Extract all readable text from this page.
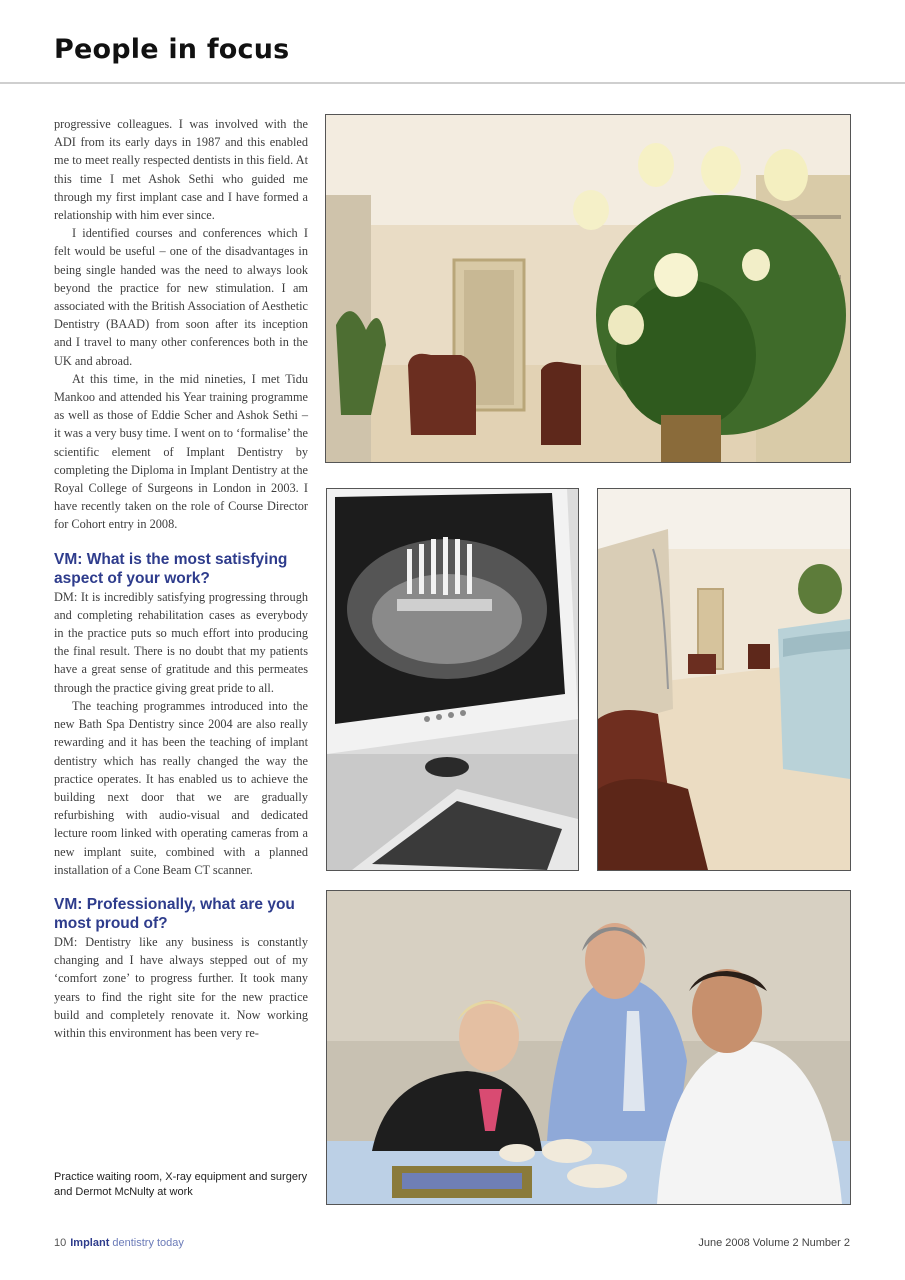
People in focus

progressive colleagues. I was involved with the ADI from its early days in 1987 and this enabled me to meet really respected dentists in this field. At this time I met Ashok Sethi who guided me through my first implant case and I have formed a relationship with him ever since.

I identified courses and conferences which I felt would be useful – one of the disadvantages in being single handed was the need to always look beyond the practice for new stimulation. I am associated with the British Association of Aesthetic Dentistry (BAAD) from soon after its inception and I travel to many other conferences both in the UK and abroad.

At this time, in the mid nineties, I met Tidu Mankoo and attended his Year training programme as well as those of Eddie Scher and Ashok Sethi – it was a very busy time. I went on to ‘formalise’ the scientific element of Implant Dentistry by completing the Diploma in Implant Dentistry at the Royal College of Surgeons in London in 2003. I have recently taken on the role of Course Director for Cohort entry in 2008.

VM: What is the most satisfying aspect of your work?

DM: It is incredibly satisfying progressing through and completing rehabilitation cases as everybody in the practice puts so much effort into producing the final result. There is no doubt that my patients have a great sense of gratitude and this permeates through the practice giving great pride to all.

The teaching programmes introduced into the new Bath Spa Dentistry since 2004 are also really rewarding and it has been the teaching of implant dentistry which has really changed the way the practice operates. It has enabled us to achieve the building next door that we are gradually refurbishing with audio-visual and dedicated lecture room linked with operating cameras from a new implant suite, combined with a planned installation of a Cone Beam CT scanner.

VM: Professionally, what are you most proud of?

DM: Dentistry like any business is constantly changing and I have always stepped out of my ‘comfort zone’ to progress further. It took many years to find the right site for the new practice build and completely renovate it. Now working within this environment has been very re-

Practice waiting room, X-ray equipment and surgery and Dermot McNulty at work
10 Implant dentistry today	June 2008 Volume 2 Number 2
